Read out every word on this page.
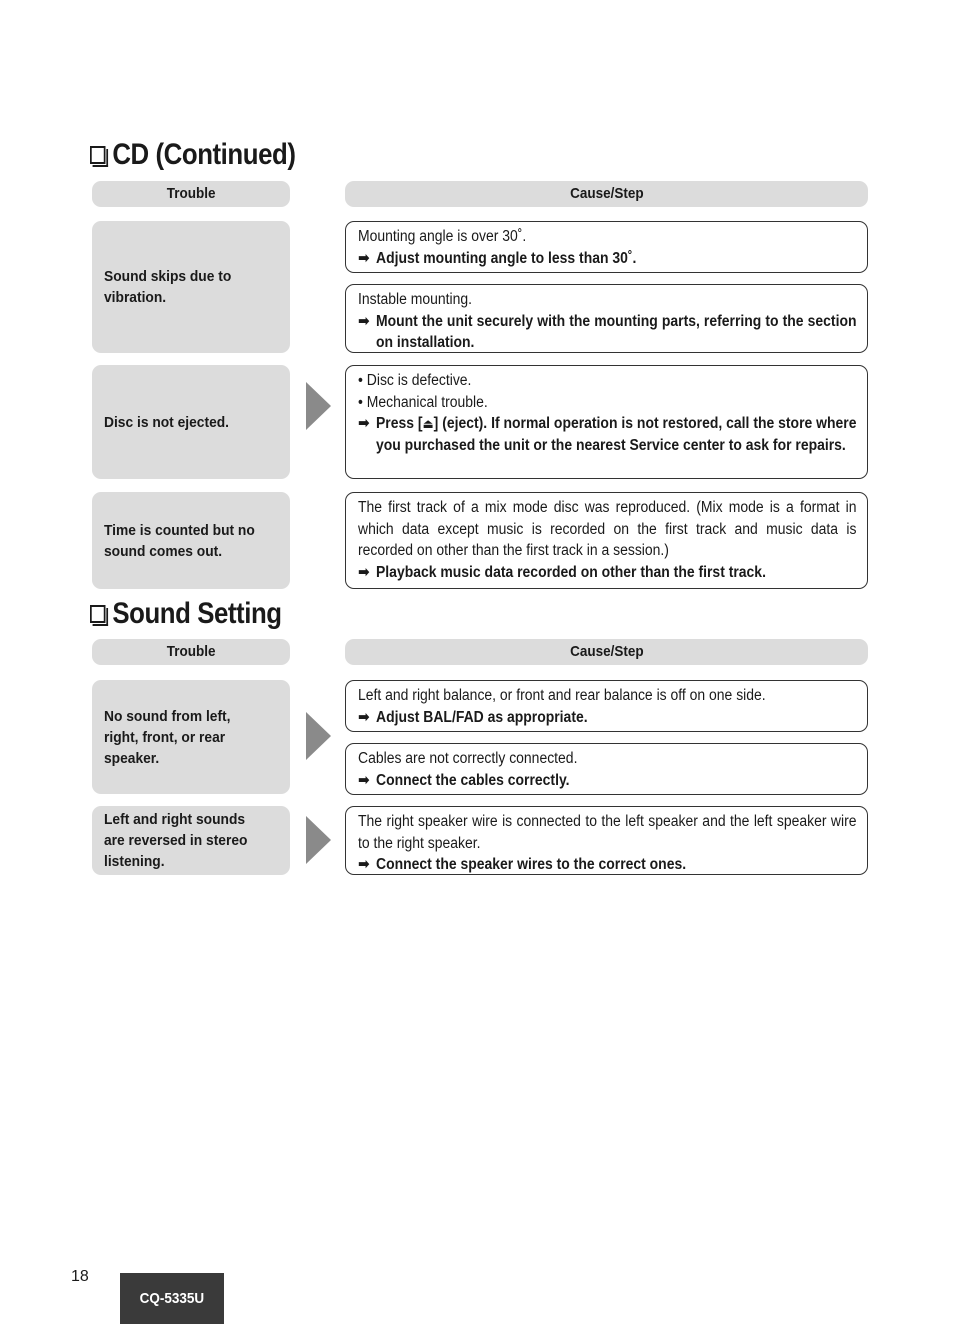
CD (Continued)
Trouble	Cause/Step
Sound skips due to vibration.

Mounting angle is over 30˚.

➡ Adjust mounting angle to less than 30˚.

Instable mounting.

➡ Mount the unit securely with the mounting parts, referring to the section on installation.
Disc is not ejected.
•
Disc is defective.
•
Mechanical trouble.
➡ Press [⏏] (eject). If normal operation is not restored, call the store where you purchased the unit or the nearest Service center to ask for repairs.
Time is counted but no sound comes out.

The first track of a mix mode disc was reproduced. (Mix mode is a format in which data except music is recorded on the first track and music data is recorded on other than the first track in a session.)

➡ Playback music data recorded on other than the first track.
Sound Setting
Trouble	Cause/Step
No sound from left, right, front, or rear speaker.

Left and right balance, or front and rear balance is off on one side.

➡ Adjust BAL/FAD as appropriate.

Cables are not correctly connected.

➡ Connect the cables correctly.
Left and right sounds are reversed in stereo listening.

The right speaker wire is connected to the left speaker and the left speaker wire to the right speaker.

➡ Connect the speaker wires to the correct ones.
18
CQ-5335U
